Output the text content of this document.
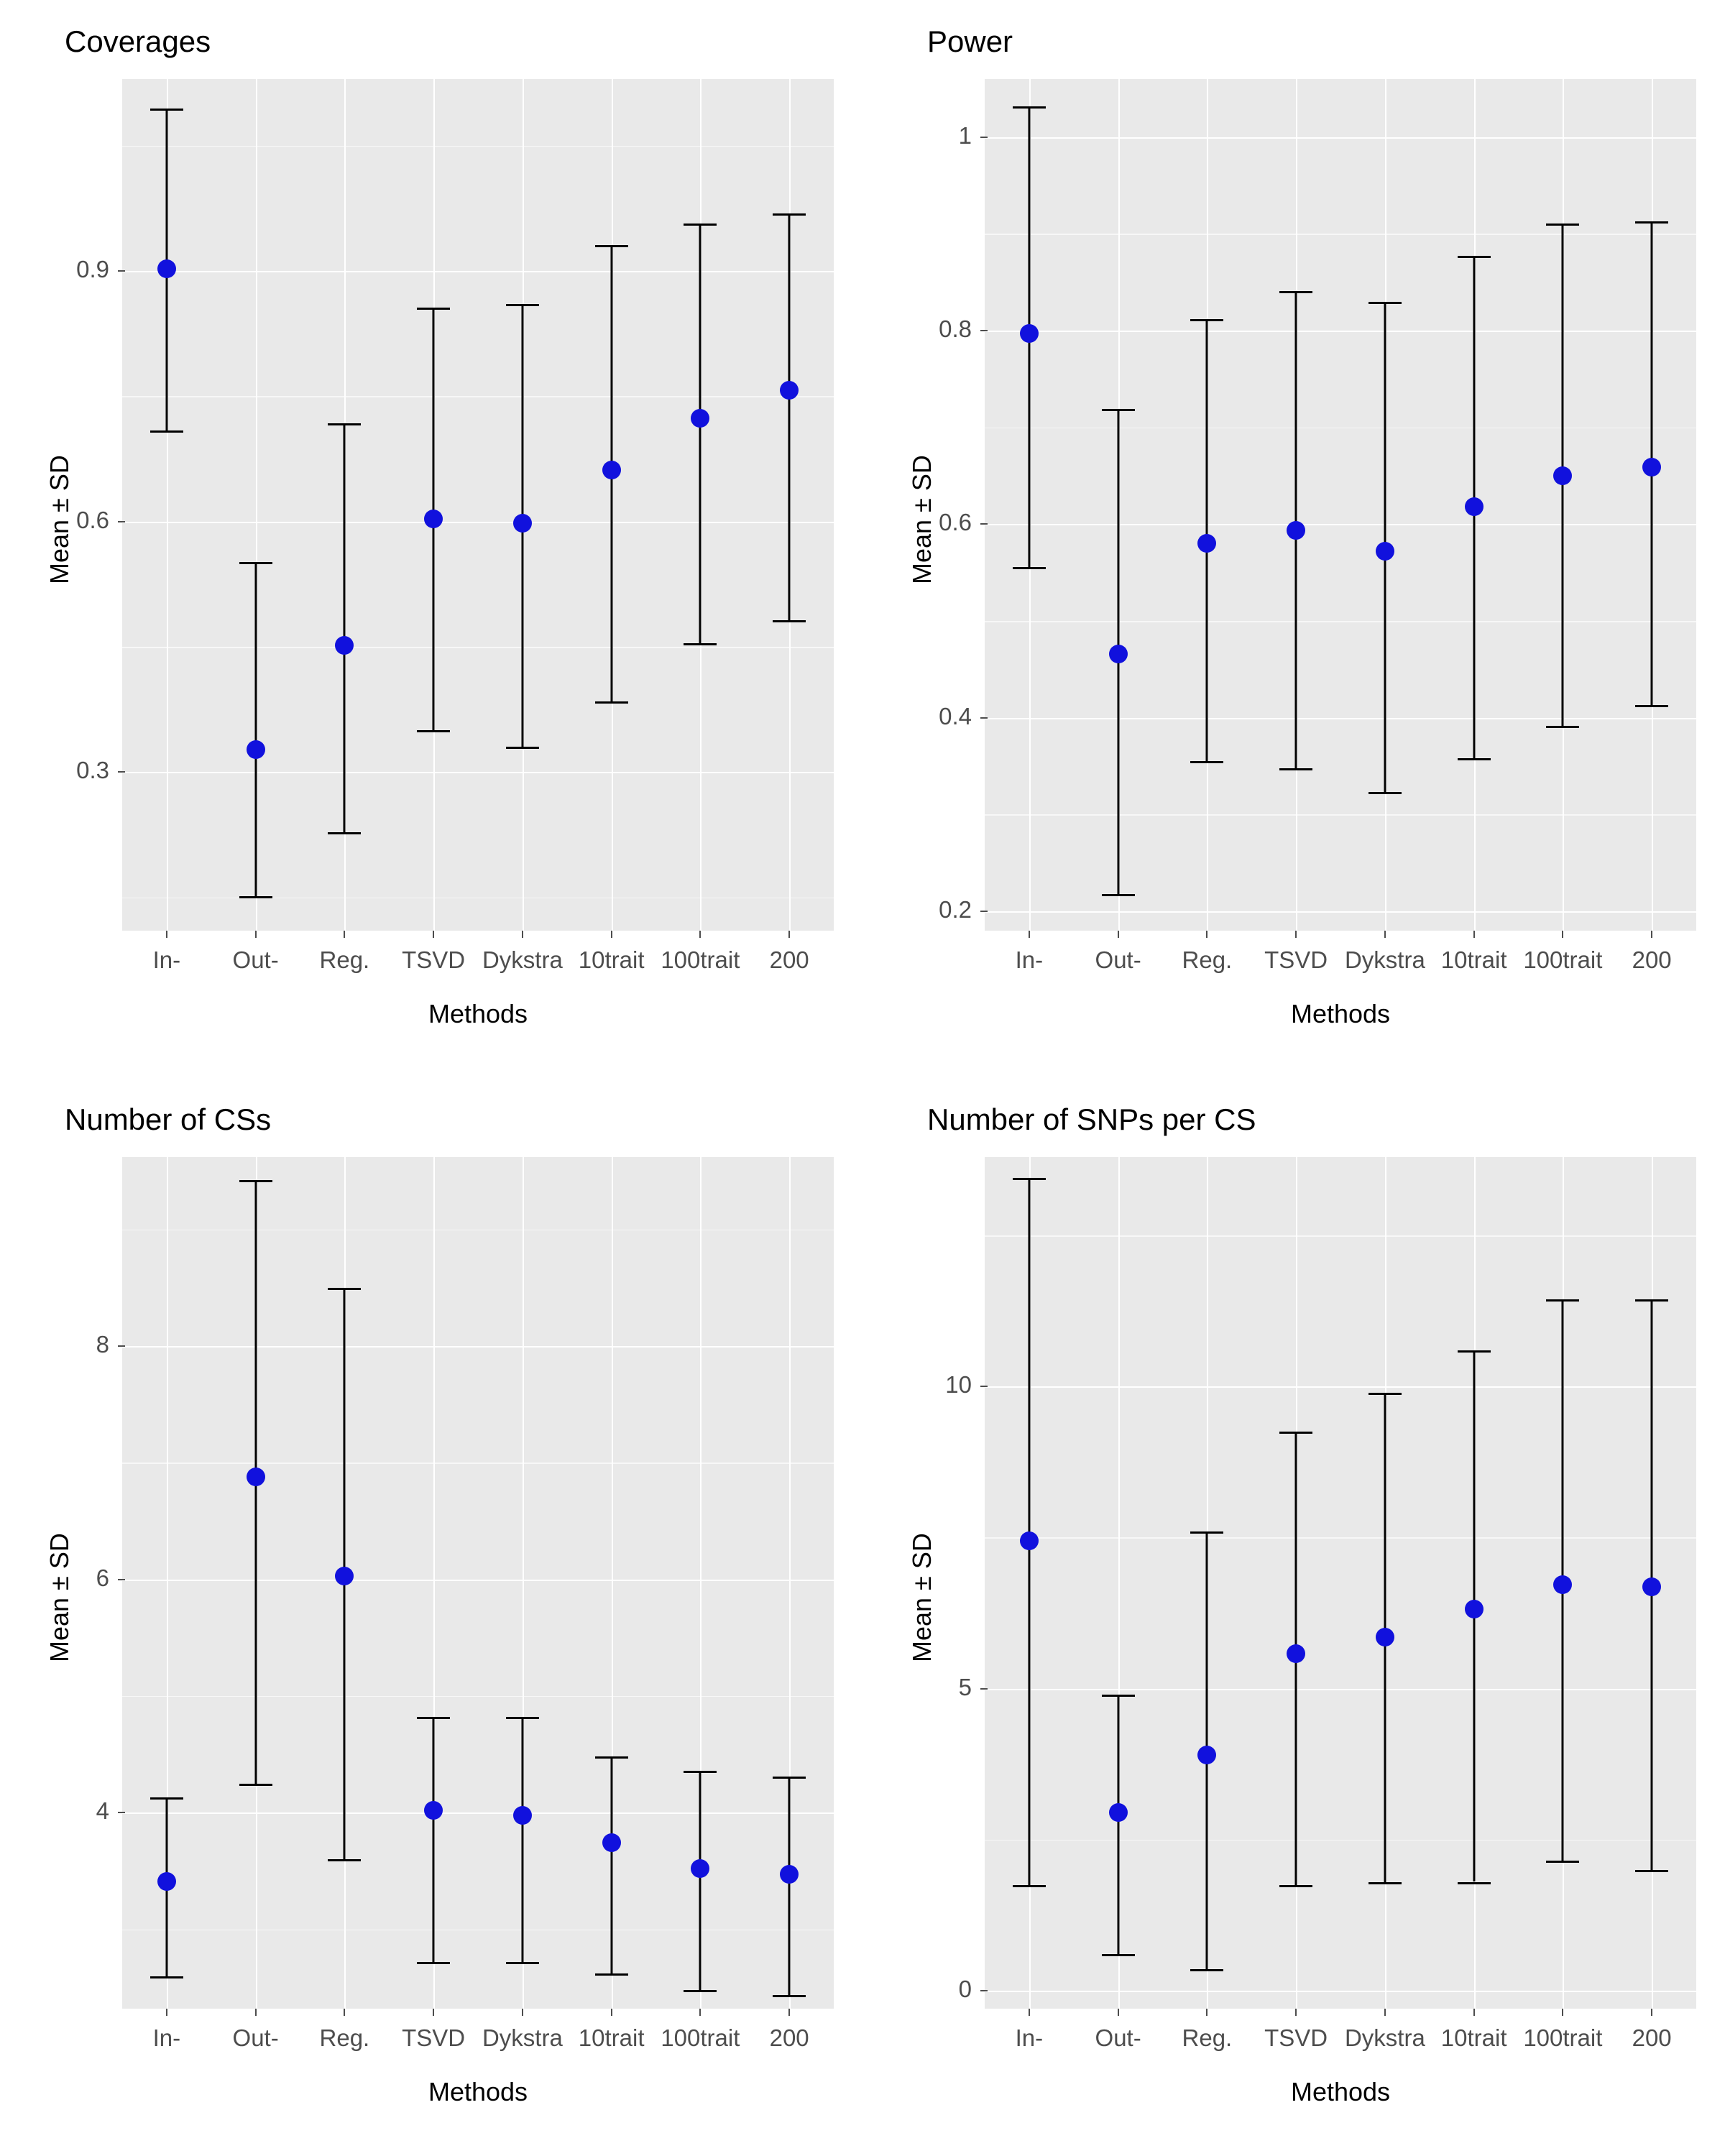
Coverages
Mean ± SD
Methods
0.3
0.6
0.9
In-	Out-	Reg.	TSVD Dykstra 10trait 100trait	200
Power
Mean ± SD
Methods
0.2
0.4
0.6
0.8
1
In-	Out-	Reg.	TSVD Dykstra 10trait 100trait	200
Number of CSs
Mean ± SD
Methods
4
6
8
In-	Out-	Reg.	TSVD Dykstra 10trait 100trait	200
Number of SNPs per CS
Mean ± SD
Methods
0
5
10
In-	Out-	Reg.	TSVD Dykstra 10trait 100trait	200
